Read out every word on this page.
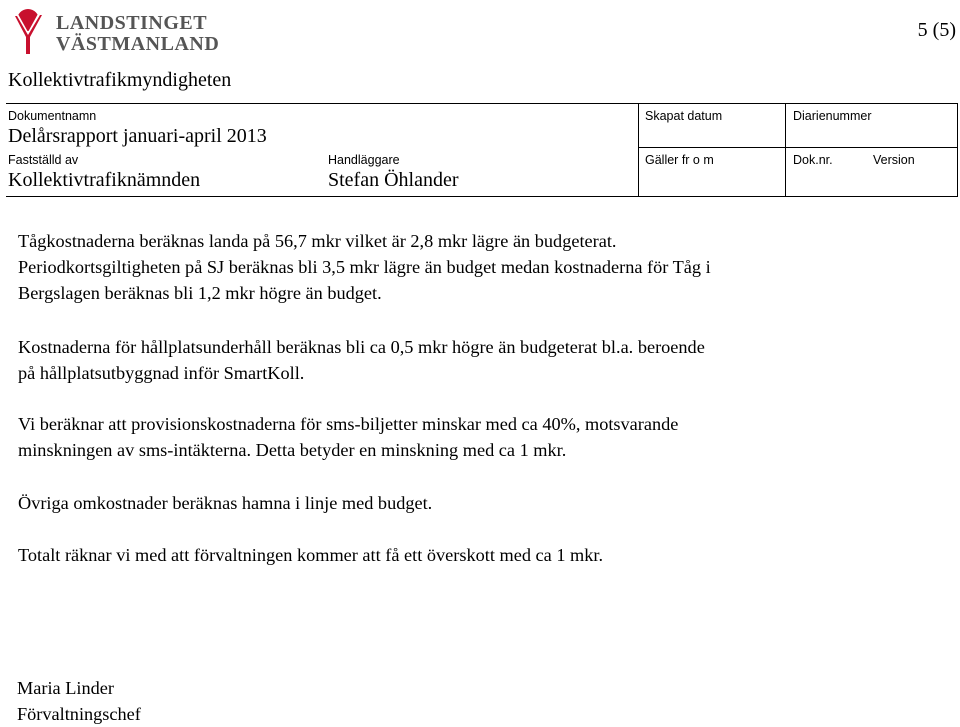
LANDSTINGET
VÄSTMANLAND
5 (5)
Kollektivtrafikmyndigheten
Dokumentnamn
Delårsrapport januari-april 2013
Skapat datum	Diarienummer
Fastställd av
Kollektivtrafiknämnden
Handläggare
Stefan Öhlander
Gäller fr o m	Dok.nr.	Version

Tågkostnaderna beräknas landa på 56,7 mkr vilket är 2,8 mkr lägre än budgeterat.

Periodkortsgiltigheten på SJ beräknas bli 3,5 mkr lägre än budget medan kostnaderna för Tåg i

Bergslagen beräknas bli 1,2 mkr högre än budget.

Kostnaderna för hållplatsunderhåll beräknas bli ca 0,5 mkr högre än budgeterat bl.a. beroende

på hållplatsutbyggnad inför SmartKoll.

Vi beräknar att provisionskostnaderna för sms-biljetter minskar med ca 40%, motsvarande

minskningen av sms-intäkterna. Detta betyder en minskning med ca 1 mkr.

Övriga omkostnader beräknas hamna i linje med budget.

Totalt räknar vi med att förvaltningen kommer att få ett överskott med ca 1 mkr.

Maria Linder

Förvaltningschef
